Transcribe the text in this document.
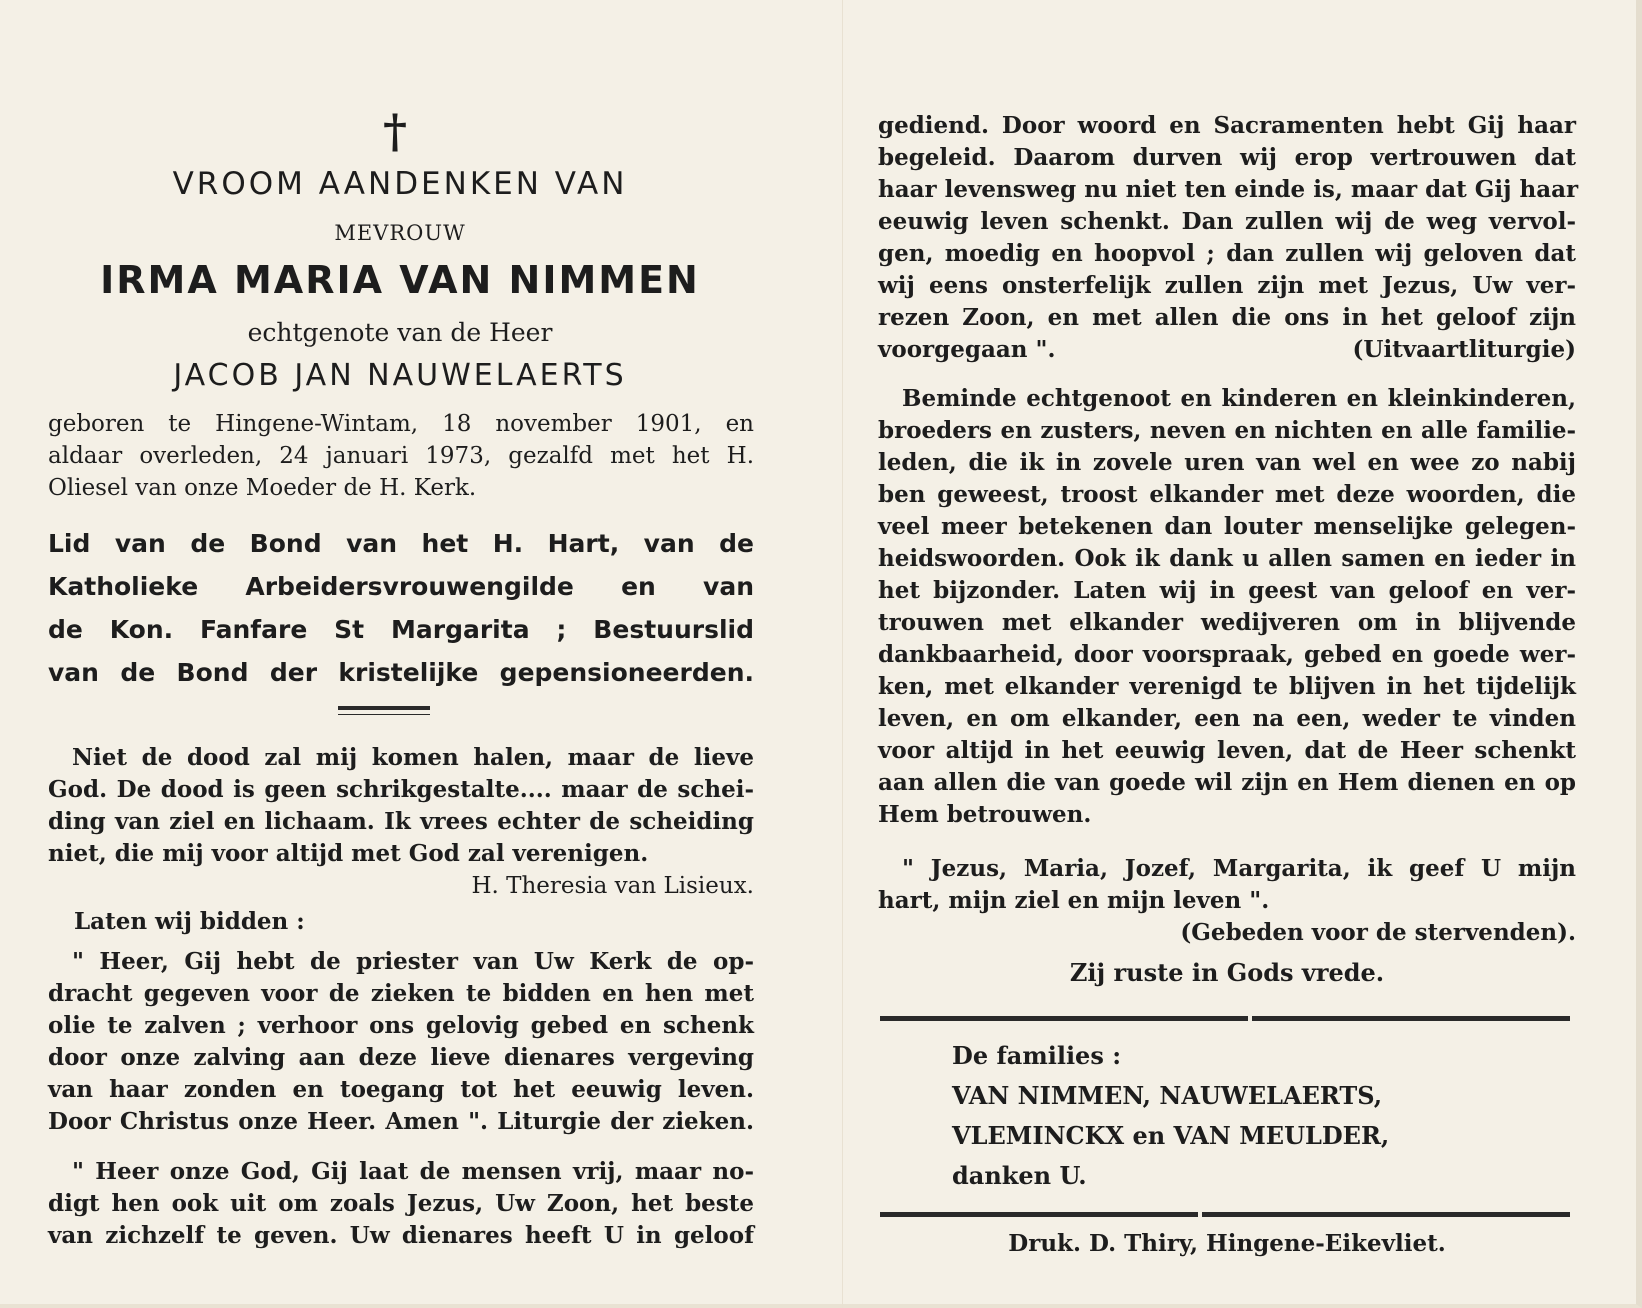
†
VROOM AANDENKEN VAN
MEVROUW
IRMA MARIA VAN NIMMEN
echtgenote van de Heer
JACOB JAN NAUWELAERTS
geboren te Hingene-Wintam, 18 november 1901, en
aldaar overleden, 24 januari 1973, gezalfd met het H.
Oliesel van onze Moeder de H. Kerk.
Lid van de Bond van het H. Hart, van de
Katholieke Arbeidersvrouwengilde en van
de Kon. Fanfare St Margarita ; Bestuurslid
van de Bond der kristelijke gepensioneerden.
Niet de dood zal mij komen halen, maar de lieve
God. De dood is geen schrikgestalte.... maar de schei-
ding van ziel en lichaam. Ik vrees echter de scheiding
niet, die mij voor altijd met God zal verenigen.
H. Theresia van Lisieux.
Laten wij bidden :
" Heer, Gij hebt de priester van Uw Kerk de op-
dracht gegeven voor de zieken te bidden en hen met
olie te zalven ; verhoor ons gelovig gebed en schenk
door onze zalving aan deze lieve dienares vergeving
van haar zonden en toegang tot het eeuwig leven.
Door Christus onze Heer. Amen ". Liturgie der zieken.
" Heer onze God, Gij laat de mensen vrij, maar no-
digt hen ook uit om zoals Jezus, Uw Zoon, het beste
van zichzelf te geven. Uw dienares heeft U in geloof
gediend. Door woord en Sacramenten hebt Gij haar
begeleid. Daarom durven wij erop vertrouwen dat
haar levensweg nu niet ten einde is, maar dat Gij haar
eeuwig leven schenkt. Dan zullen wij de weg vervol-
gen, moedig en hoopvol ; dan zullen wij geloven dat
wij eens onsterfelijk zullen zijn met Jezus, Uw ver-
rezen Zoon, en met allen die ons in het geloof zijn
voorgegaan ".	(Uitvaartliturgie)
Beminde echtgenoot en kinderen en kleinkinderen,
broeders en zusters, neven en nichten en alle familie-
leden, die ik in zovele uren van wel en wee zo nabij
ben geweest, troost elkander met deze woorden, die
veel meer betekenen dan louter menselijke gelegen-
heidswoorden. Ook ik dank u allen samen en ieder in
het bijzonder. Laten wij in geest van geloof en ver-
trouwen met elkander wedijveren om in blijvende
dankbaarheid, door voorspraak, gebed en goede wer-
ken, met elkander verenigd te blijven in het tijdelijk
leven, en om elkander, een na een, weder te vinden
voor altijd in het eeuwig leven, dat de Heer schenkt
aan allen die van goede wil zijn en Hem dienen en op
Hem betrouwen.
" Jezus, Maria, Jozef, Margarita, ik geef U mijn
hart, mijn ziel en mijn leven ".
(Gebeden voor de stervenden).
Zij ruste in Gods vrede.
De families :
VAN NIMMEN, NAUWELAERTS,
VLEMINCKX en VAN MEULDER,
danken U.
Druk. D. Thiry, Hingene-Eikevliet.
